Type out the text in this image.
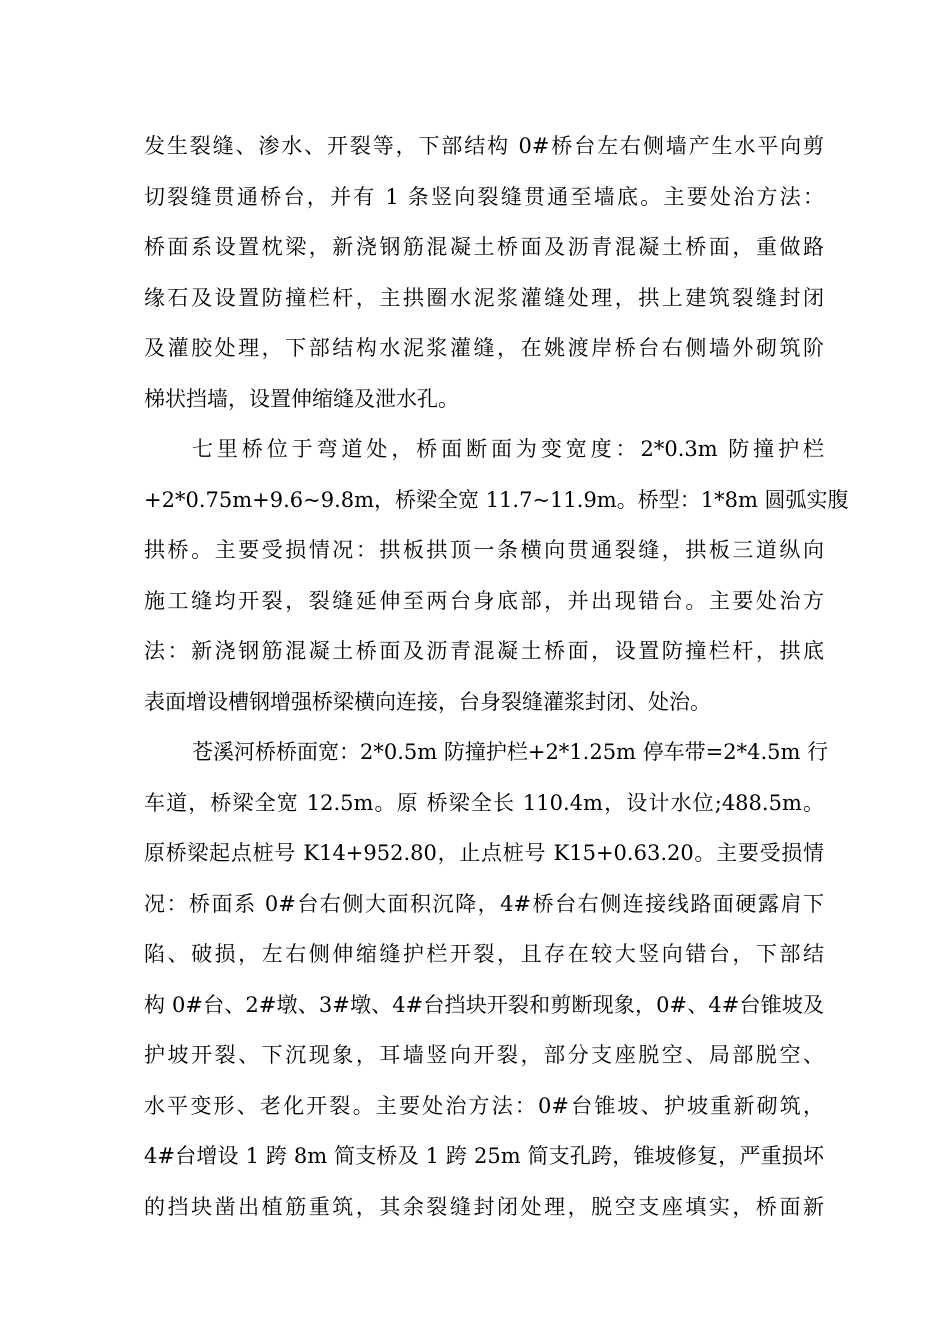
发生裂缝、渗水、开裂等，下部结构 0#桥台左右侧墙产生水平向剪
切裂缝贯通桥台，并有 1 条竖向裂缝贯通至墙底。主要处治方法：
桥面系设置枕梁，新浇钢筋混凝土桥面及沥青混凝土桥面，重做路
缘石及设置防撞栏杆，主拱圈水泥浆灌缝处理，拱上建筑裂缝封闭
及灌胶处理，下部结构水泥浆灌缝，在姚渡岸桥台右侧墙外砌筑阶
梯状挡墙，设置伸缩缝及泄水孔。
七里桥位于弯道处，桥面断面为变宽度：2*0.3m 防撞护栏
+2*0.75m+9.6~9.8m，桥梁全宽 11.7~11.9m。桥型：1*8m 圆弧实腹
拱桥。主要受损情况：拱板拱顶一条横向贯通裂缝，拱板三道纵向
施工缝均开裂，裂缝延伸至两台身底部，并出现错台。主要处治方
法：新浇钢筋混凝土桥面及沥青混凝土桥面，设置防撞栏杆，拱底
表面增设槽钢增强桥梁横向连接，台身裂缝灌浆封闭、处治。
苍溪河桥桥面宽：2*0.5m 防撞护栏+2*1.25m 停车带=2*4.5m 行
车道，桥梁全宽 12.5m。原 桥梁全长 110.4m，设计水位;488.5m。
原桥梁起点桩号 K14+952.80，止点桩号 K15+0.63.20。主要受损情
况：桥面系 0#台右侧大面积沉降，4#桥台右侧连接线路面硬露肩下
陷、破损，左右侧伸缩缝护栏开裂，且存在较大竖向错台，下部结
构 0#台、2#墩、3#墩、4#台挡块开裂和剪断现象，0#、4#台锥坡及
护坡开裂、下沉现象，耳墙竖向开裂，部分支座脱空、局部脱空、
水平变形、老化开裂。主要处治方法：0#台锥坡、护坡重新砌筑，
4#台增设 1 跨 8m 简支桥及 1 跨 25m 简支孔跨，锥坡修复，严重损坏
的挡块凿出植筋重筑，其余裂缝封闭处理，脱空支座填实，桥面新
